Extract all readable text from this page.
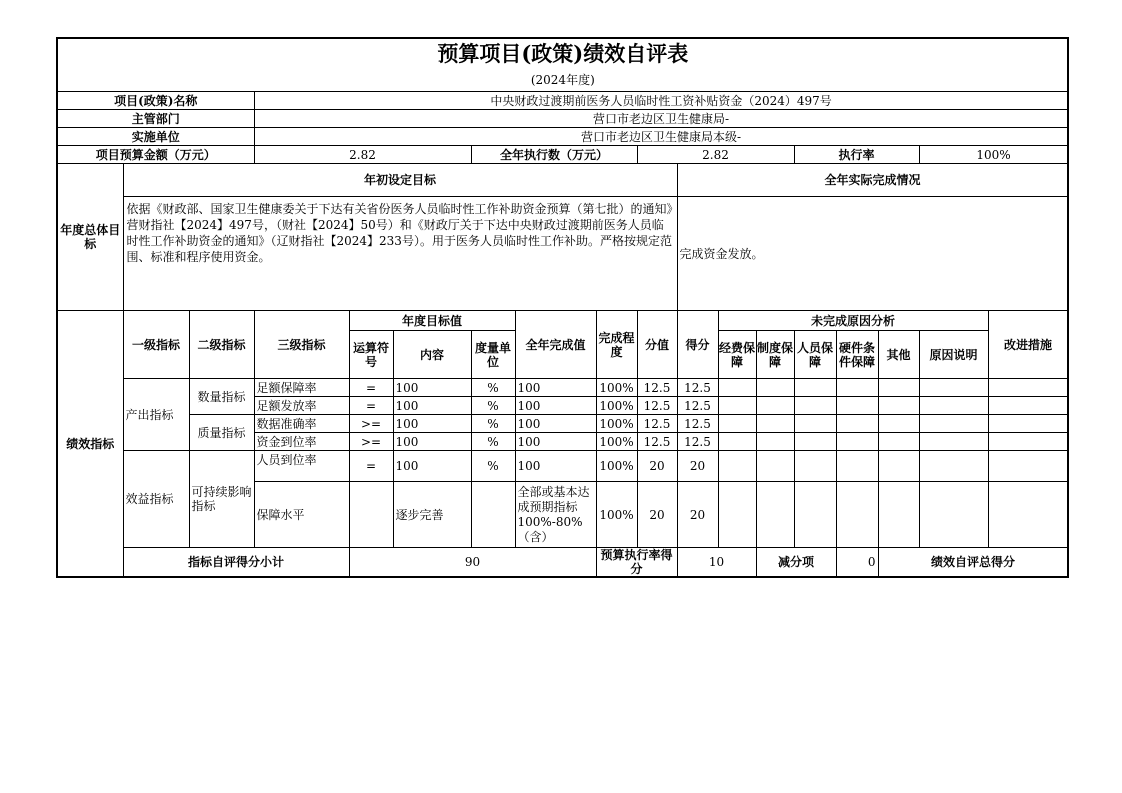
预算项目(政策)绩效自评表																		
(2024年度)																		
项目(政策)名称			中央财政过渡期前医务人员临时性工资补贴资金（2024）497号															
主管部门			营口市老边区卫生健康局-															
实施单位			营口市老边区卫生健康局本级-															
项目预算金额（万元）			2.82			全年执行数（万元）			2.82				执行率			100%		
年度总体目标	年初设定目标									全年实际完成情况								
	依据《财政部、国家卫生健康委关于下达有关省份医务人员临时性工作补助资金预算（第七批）的通知》营财指社【2024】497号，（财社【2024】50号）和《财政厅关于下达中央财政过渡期前医务人员临时性工作补助资金的通知》（辽财指社【2024】233号）。用于医务人员临时性工作补助。严格按规定范围、标准和程序使用资金。									完成资金发放。								
绩效指标	一级指标	二级指标	三级指标	年度目标值			全年完成值	完成程度	分值	得分	未完成原因分析						改进措施	
				运算符号	内容	度量单位					经费保障	制度保障	人员保障	硬件条件保障	其他	原因说明		
	产出指标	数量指标	足额保障率	=	100	%	100	100%	12.5	12.5								
			足额发放率	=	100	%	100	100%	12.5	12.5								
		质量指标	数据准确率	>=	100	%	100	100%	12.5	12.5								
			资金到位率	>=	100	%	100	100%	12.5	12.5								
	效益指标	可持续影响指标	人员到位率	=	100	%	100	100%	20	20								
			保障水平		逐步完善		全部或基本达成预期指标100%-80%（含）	100%	20	20								
	指标自评得分小计			90				预算执行率得分		10		减分项		0	绩效自评总得分	
